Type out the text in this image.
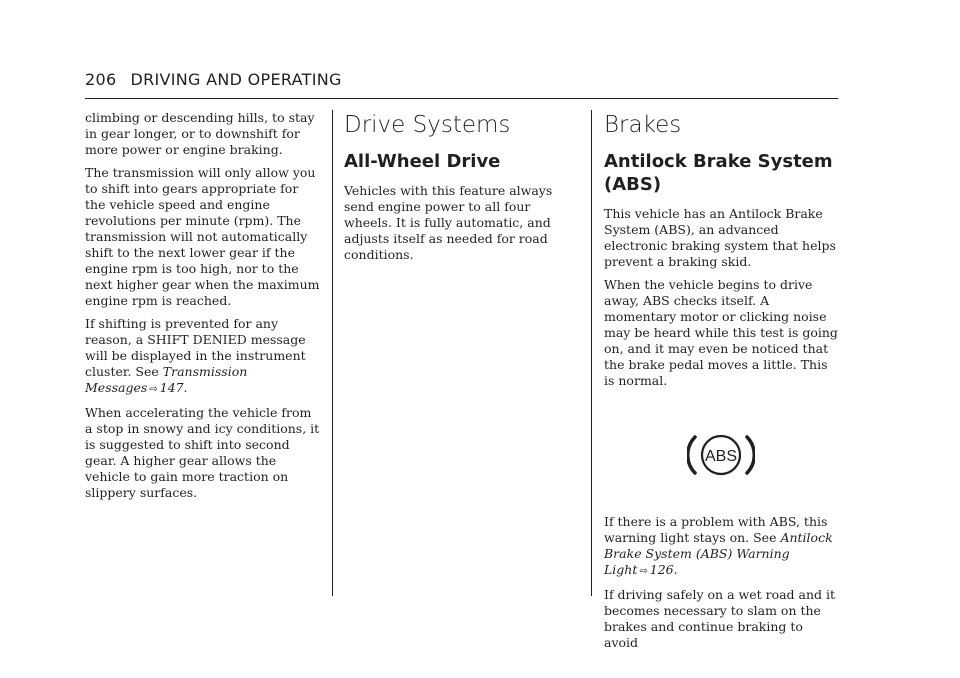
206 DRIVING AND OPERATING

climbing or descending hills, to stay in gear longer, or to downshift for more power or engine braking.

The transmission will only allow you to shift into gears appropriate for the vehicle speed and engine revolutions per minute (rpm). The transmission will not automatically shift to the next lower gear if the engine rpm is too high, nor to the next higher gear when the maximum engine rpm is reached.

If shifting is prevented for any reason, a SHIFT DENIED message will be displayed in the instrument cluster. See Transmission Messages ⇨ 147.

When accelerating the vehicle from a stop in snowy and icy conditions, it is suggested to shift into second gear. A higher gear allows the vehicle to gain more traction on slippery surfaces.

Drive Systems
All-Wheel Drive

Vehicles with this feature always send engine power to all four wheels. It is fully automatic, and adjusts itself as needed for road conditions.

Brakes
Antilock Brake System (ABS)

This vehicle has an Antilock Brake System (ABS), an advanced electronic braking system that helps prevent a braking skid.

When the vehicle begins to drive away, ABS checks itself. A momentary motor or clicking noise may be heard while this test is going on, and it may even be noticed that the brake pedal moves a little. This is normal.

ABS

If there is a problem with ABS, this warning light stays on. See Antilock Brake System (ABS) Warning Light ⇨ 126.

If driving safely on a wet road and it becomes necessary to slam on the brakes and continue braking to avoid
